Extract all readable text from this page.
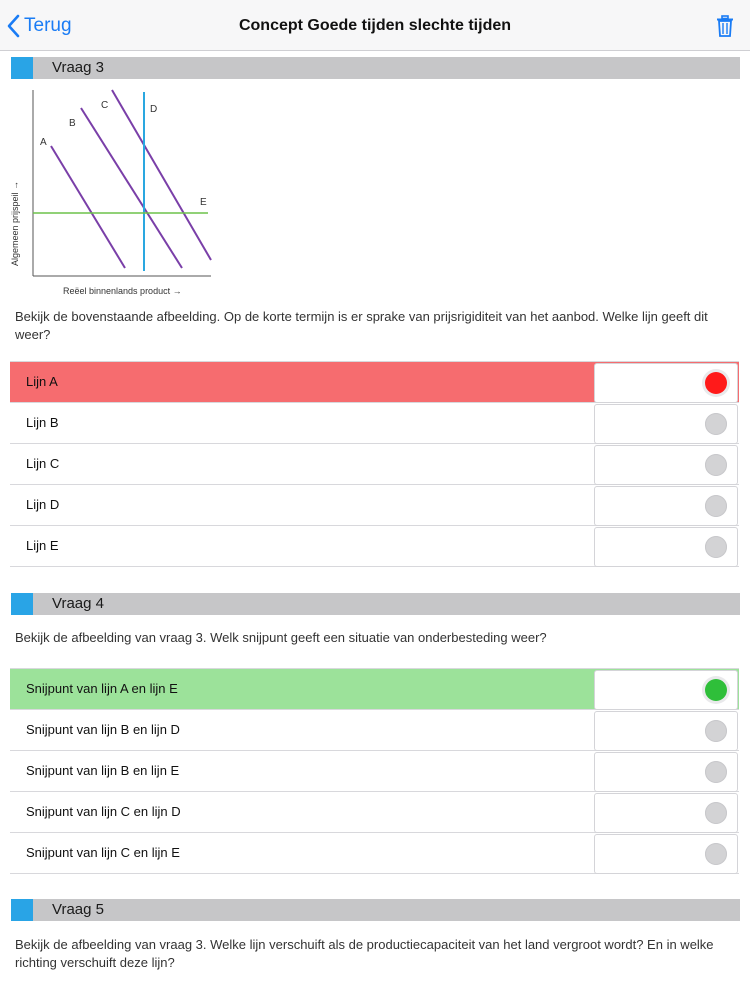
Terug	Concept Goede tijden slechte tijden
Vraag 3
Algemeen prijspeil →
Reëel binnenlands product →
A
B
C	D
E
Bekijk de bovenstaande afbeelding. Op de korte termijn is er sprake van prijsrigiditeit van het aanbod. Welke lijn geeft dit weer?
Lijn A
Lijn B
Lijn C
Lijn D
Lijn E
Vraag 4
Bekijk de afbeelding van vraag 3. Welk snijpunt geeft een situatie van onderbesteding weer?
Snijpunt van lijn A en lijn E
Snijpunt van lijn B en lijn D
Snijpunt van lijn B en lijn E
Snijpunt van lijn C en lijn D
Snijpunt van lijn C en lijn E
Vraag 5
Bekijk de afbeelding van vraag 3. Welke lijn verschuift als de productiecapaciteit van het land vergroot wordt? En in welke richting verschuift deze lijn?
